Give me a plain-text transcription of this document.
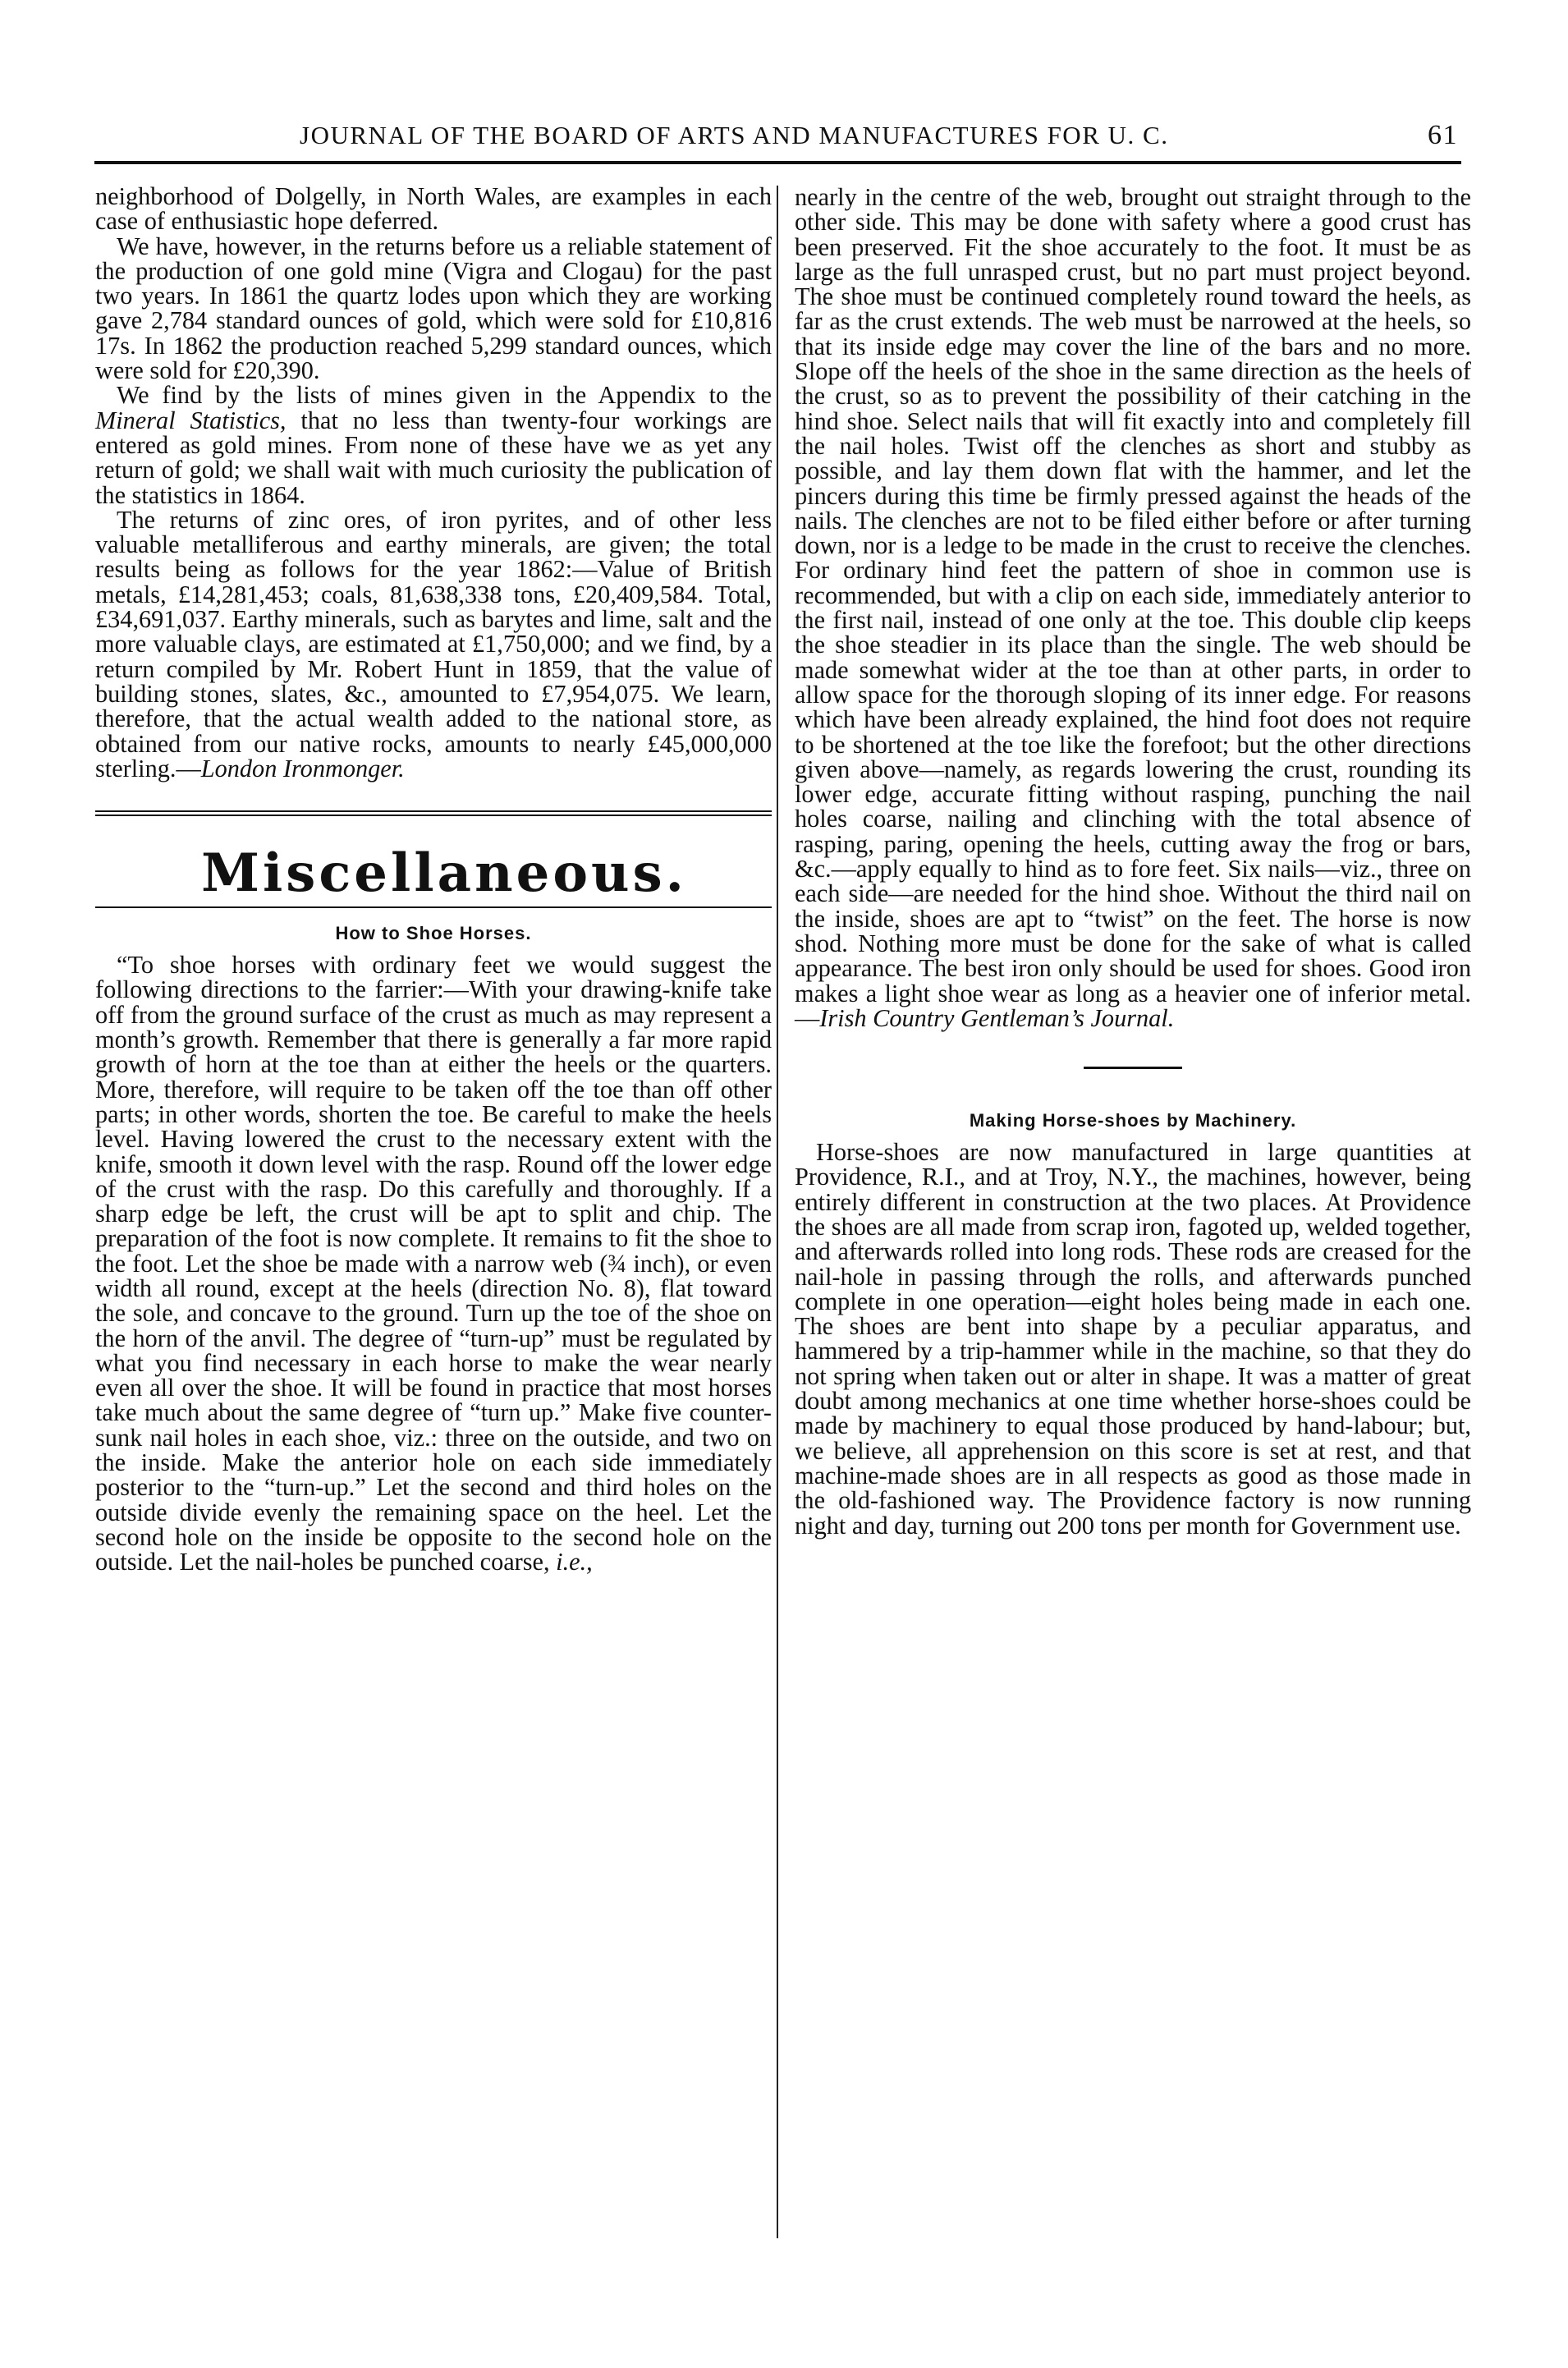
JOURNAL OF THE BOARD OF ARTS AND MANUFACTURES FOR U. C.	61

neighborhood of Dolgelly, in North Wales, are examples in each case of enthusiastic hope deferred.

We have, however, in the returns before us a reliable statement of the production of one gold mine (Vigra and Clogau) for the past two years. In 1861 the quartz lodes upon which they are working gave 2,784 standard ounces of gold, which were sold for £10,816 17s. In 1862 the production reached 5,299 standard ounces, which were sold for £20,390.

We find by the lists of mines given in the Appendix to the Mineral Statistics, that no less than twenty-four workings are entered as gold mines. From none of these have we as yet any return of gold; we shall wait with much curiosity the publication of the statistics in 1864.

The returns of zinc ores, of iron pyrites, and of other less valuable metalliferous and earthy minerals, are given; the total results being as follows for the year 1862:—Value of British metals, £14,281,453; coals, 81,638,338 tons, £20,409,584. Total, £34,691,037. Earthy minerals, such as barytes and lime, salt and the more valuable clays, are estimated at £1,750,000; and we find, by a return compiled by Mr. Robert Hunt in 1859, that the value of building stones, slates, &c., amounted to £7,954,075. We learn, therefore, that the actual wealth added to the national store, as obtained from our native rocks, amounts to nearly £45,000,000 sterling.—London Ironmonger.

Miscellaneous.

How to Shoe Horses.

“To shoe horses with ordinary feet we would suggest the following directions to the farrier:—With your drawing-knife take off from the ground surface of the crust as much as may represent a month’s growth. Remember that there is generally a far more rapid growth of horn at the toe than at either the heels or the quarters. More, therefore, will require to be taken off the toe than off other parts; in other words, shorten the toe. Be careful to make the heels level. Having lowered the crust to the necessary extent with the knife, smooth it down level with the rasp. Round off the lower edge of the crust with the rasp. Do this carefully and thoroughly. If a sharp edge be left, the crust will be apt to split and chip. The preparation of the foot is now complete. It remains to fit the shoe to the foot. Let the shoe be made with a narrow web (¾ inch), or even width all round, except at the heels (direction No. 8), flat toward the sole, and concave to the ground. Turn up the toe of the shoe on the horn of the anvil. The degree of “turn-up” must be regulated by what you find necessary in each horse to make the wear nearly even all over the shoe. It will be found in practice that most horses take much about the same degree of “turn up.” Make five counter-sunk nail holes in each shoe, viz.: three on the outside, and two on the inside. Make the anterior hole on each side immediately posterior to the “turn-up.” Let the second and third holes on the outside divide evenly the remaining space on the heel. Let the second hole on the inside be opposite to the second hole on the outside. Let the nail-holes be punched coarse, i.e.,

nearly in the centre of the web, brought out straight through to the other side. This may be done with safety where a good crust has been preserved. Fit the shoe accurately to the foot. It must be as large as the full unrasped crust, but no part must project beyond. The shoe must be continued completely round toward the heels, as far as the crust extends. The web must be narrowed at the heels, so that its inside edge may cover the line of the bars and no more. Slope off the heels of the shoe in the same direction as the heels of the crust, so as to prevent the possibility of their catching in the hind shoe. Select nails that will fit exactly into and completely fill the nail holes. Twist off the clenches as short and stubby as possible, and lay them down flat with the hammer, and let the pincers during this time be firmly pressed against the heads of the nails. The clenches are not to be filed either before or after turning down, nor is a ledge to be made in the crust to receive the clenches. For ordinary hind feet the pattern of shoe in common use is recommended, but with a clip on each side, immediately anterior to the first nail, instead of one only at the toe. This double clip keeps the shoe steadier in its place than the single. The web should be made somewhat wider at the toe than at other parts, in order to allow space for the thorough sloping of its inner edge. For reasons which have been already explained, the hind foot does not require to be shortened at the toe like the forefoot; but the other directions given above—namely, as regards lowering the crust, rounding its lower edge, accurate fitting without rasping, punching the nail holes coarse, nailing and clinching with the total absence of rasping, paring, opening the heels, cutting away the frog or bars, &c.—apply equally to hind as to fore feet. Six nails—viz., three on each side—are needed for the hind shoe. Without the third nail on the inside, shoes are apt to “twist” on the feet. The horse is now shod. Nothing more must be done for the sake of what is called appearance. The best iron only should be used for shoes. Good iron makes a light shoe wear as long as a heavier one of inferior metal.—Irish Country Gentleman’s Journal.

Making Horse-shoes by Machinery.

Horse-shoes are now manufactured in large quantities at Providence, R.I., and at Troy, N.Y., the machines, however, being entirely different in construction at the two places. At Providence the shoes are all made from scrap iron, fagoted up, welded together, and afterwards rolled into long rods. These rods are creased for the nail-hole in passing through the rolls, and afterwards punched complete in one operation—eight holes being made in each one. The shoes are bent into shape by a peculiar apparatus, and hammered by a trip-hammer while in the machine, so that they do not spring when taken out or alter in shape. It was a matter of great doubt among mechanics at one time whether horse-shoes could be made by machinery to equal those produced by hand-labour; but, we believe, all apprehension on this score is set at rest, and that machine-made shoes are in all respects as good as those made in the old-fashioned way. The Providence factory is now running night and day, turning out 200 tons per month for Government use.
